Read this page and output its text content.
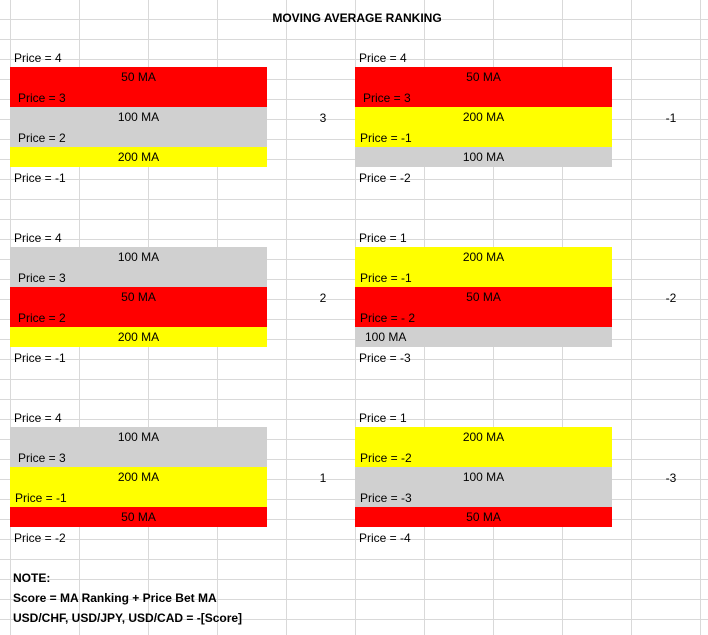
MOVING AVERAGE RANKING
Price = 4
50 MA
Price = 3
100 MA
Price = 2
200 MA
Price = -1
3
Price = 4
50 MA
Price = 3
200 MA
Price = -1
100 MA
Price = -2
-1
Price = 4
100 MA
Price = 3
50 MA
Price = 2
200 MA
Price = -1
2
Price = 1
200 MA
Price = -1
50 MA
Price = - 2
100 MA
Price = -3
-2
Price = 4
100 MA
Price = 3
200 MA
Price = -1
50 MA
Price = -2
1
Price = 1
200 MA
Price = -2
100 MA
Price = -3
50 MA
Price = -4
-3
NOTE:
Score = MA Ranking + Price Bet MA
USD/CHF, USD/JPY, USD/CAD = -[Score]
